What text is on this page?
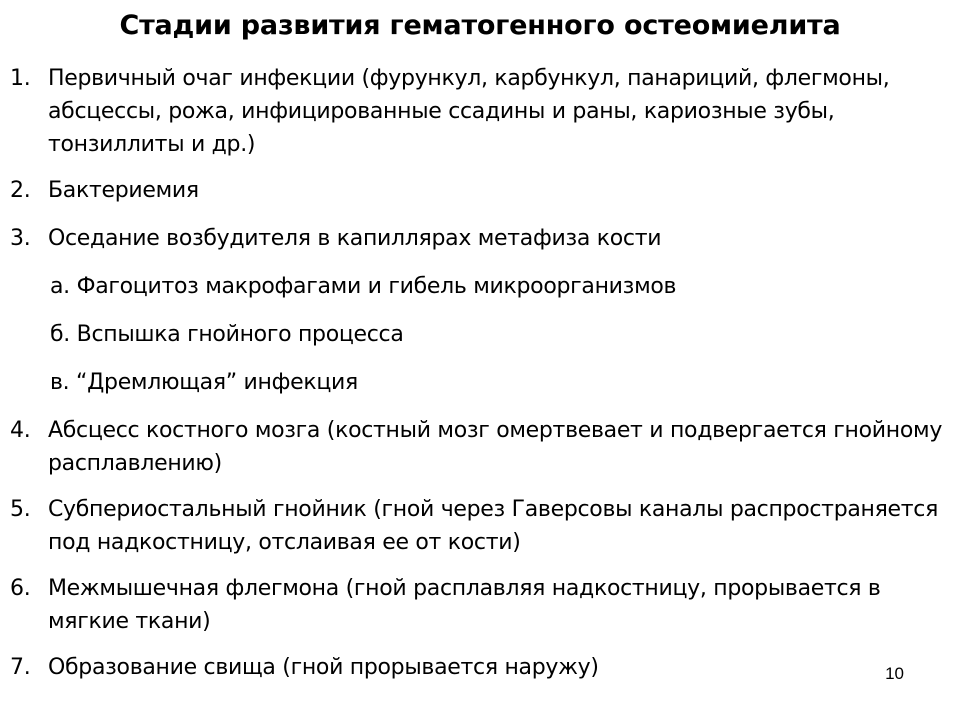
Стадии развития гематогенного остеомиелита
1. Первичный очаг инфекции (фурункул, карбункул, панариций, флегмоны, абсцессы, рожа, инфицированные ссадины и раны, кариозные зубы, тонзиллиты и др.)
2. Бактериемия
3. Оседание возбудителя в капиллярах метафиза кости
а. Фагоцитоз макрофагами и гибель микроорганизмов
б. Вспышка гнойного процесса
в. “Дремлющая” инфекция
4. Абсцесс костного мозга (костный мозг омертвевает и подвергается гнойному расплавлению)
5. Субпериостальный гнойник (гной через Гаверсовы каналы распространяется под надкостницу, отслаивая ее от кости)
6. Межмышечная флегмона (гной расплавляя надкостницу, прорывается в мягкие ткани)
7. Образование свища (гной прорывается наружу)	10
